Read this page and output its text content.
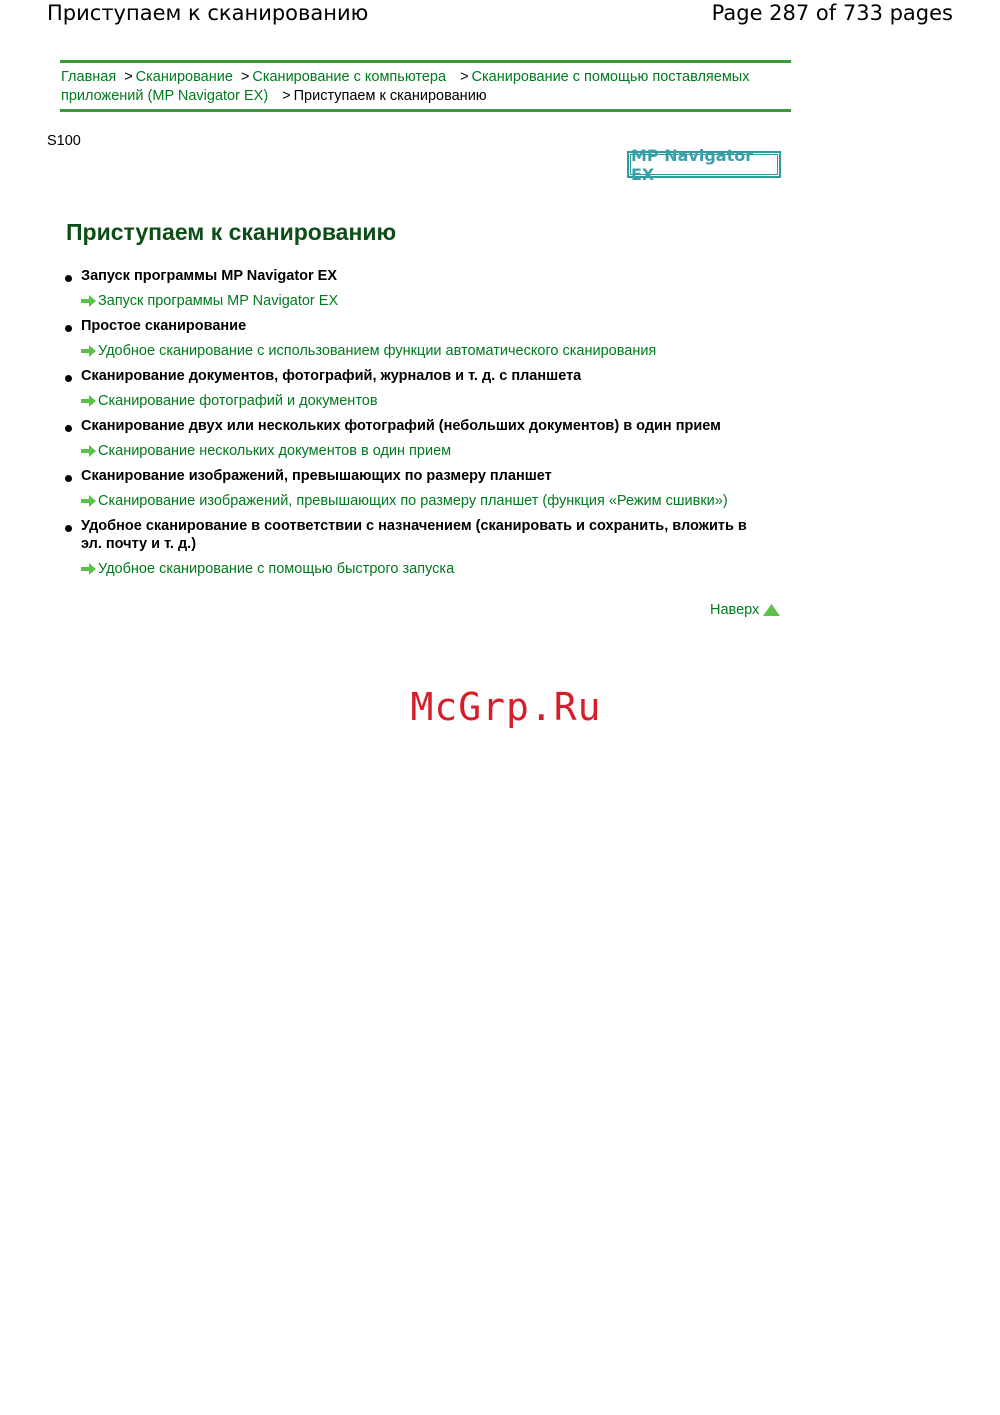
Приступаем к сканированию	Page 287 of 733 pages
Главная > Сканирование > Сканирование с компьютера > Сканирование с помощью поставляемых приложений (MP Navigator EX) > Приступаем к сканированию
S100
MP Navigator EX
Приступаем к сканированию
Запуск программы MP Navigator EX
Запуск программы MP Navigator EX
Простое сканирование
Удобное сканирование с использованием функции автоматического сканирования
Сканирование документов, фотографий, журналов и т. д. с планшета
Сканирование фотографий и документов
Сканирование двух или нескольких фотографий (небольших документов) в один прием
Сканирование нескольких документов в один прием
Сканирование изображений, превышающих по размеру планшет
Сканирование изображений, превышающих по размеру планшет (функция «Режим сшивки»)
Удобное сканирование в соответствии с назначением (сканировать и сохранить, вложить в эл. почту и т. д.)
Удобное сканирование с помощью быстрого запуска
Наверх
McGrp.Ru
